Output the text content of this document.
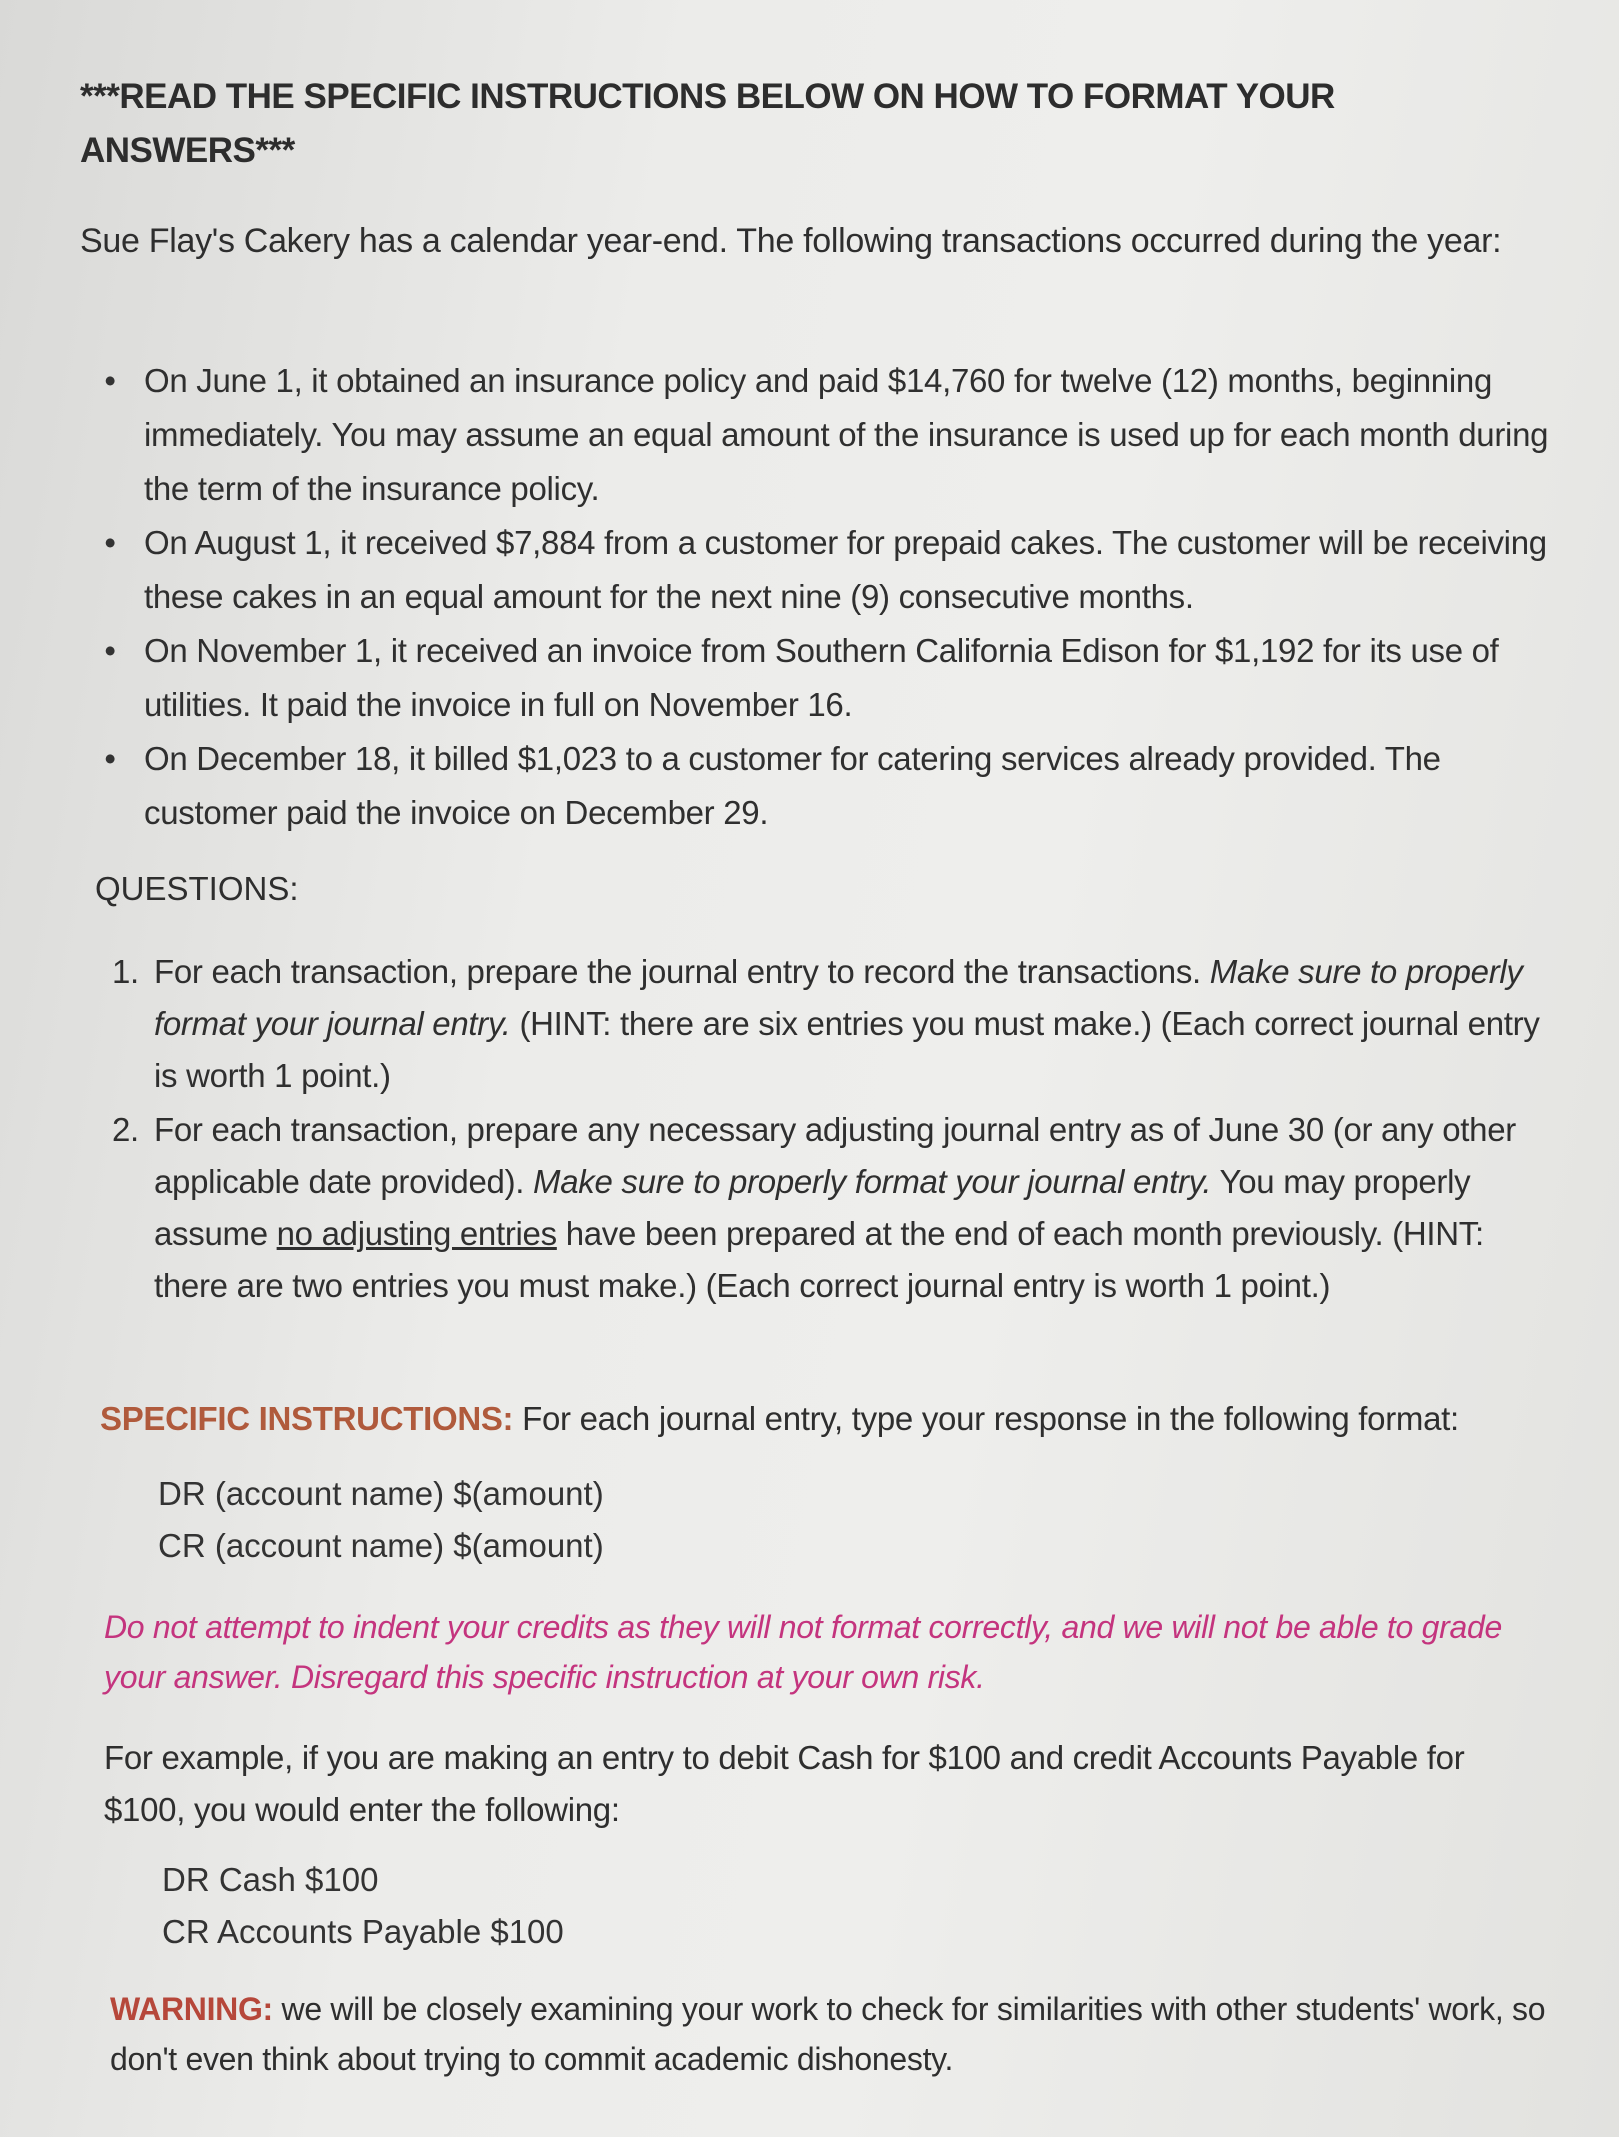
***READ THE SPECIFIC INSTRUCTIONS BELOW ON HOW TO FORMAT YOUR
ANSWERS***

Sue Flay's Cakery has a calendar year-end. The following transactions occurred during the year:

• On June 1, it obtained an insurance policy and paid $14,760 for twelve (12) months, beginning immediately. You may assume an equal amount of the insurance is used up for each month during the term of the insurance policy.
• On August 1, it received $7,884 from a customer for prepaid cakes. The customer will be receiving these cakes in an equal amount for the next nine (9) consecutive months.
• On November 1, it received an invoice from Southern California Edison for $1,192 for its use of utilities. It paid the invoice in full on November 16.
• On December 18, it billed $1,023 to a customer for catering services already provided. The customer paid the invoice on December 29.

QUESTIONS:

1. For each transaction, prepare the journal entry to record the transactions. Make sure to properly format your journal entry. (HINT: there are six entries you must make.) (Each correct journal entry is worth 1 point.)
2. For each transaction, prepare any necessary adjusting journal entry as of June 30 (or any other applicable date provided). Make sure to properly format your journal entry. You may properly assume no adjusting entries have been prepared at the end of each month previously. (HINT: there are two entries you must make.) (Each correct journal entry is worth 1 point.)

SPECIFIC INSTRUCTIONS: For each journal entry, type your response in the following format:

DR (account name) $(amount)
CR (account name) $(amount)

Do not attempt to indent your credits as they will not format correctly, and we will not be able to grade your answer. Disregard this specific instruction at your own risk.

For example, if you are making an entry to debit Cash for $100 and credit Accounts Payable for $100, you would enter the following:

DR Cash $100
CR Accounts Payable $100

WARNING: we will be closely examining your work to check for similarities with other students' work, so don't even think about trying to commit academic dishonesty.
